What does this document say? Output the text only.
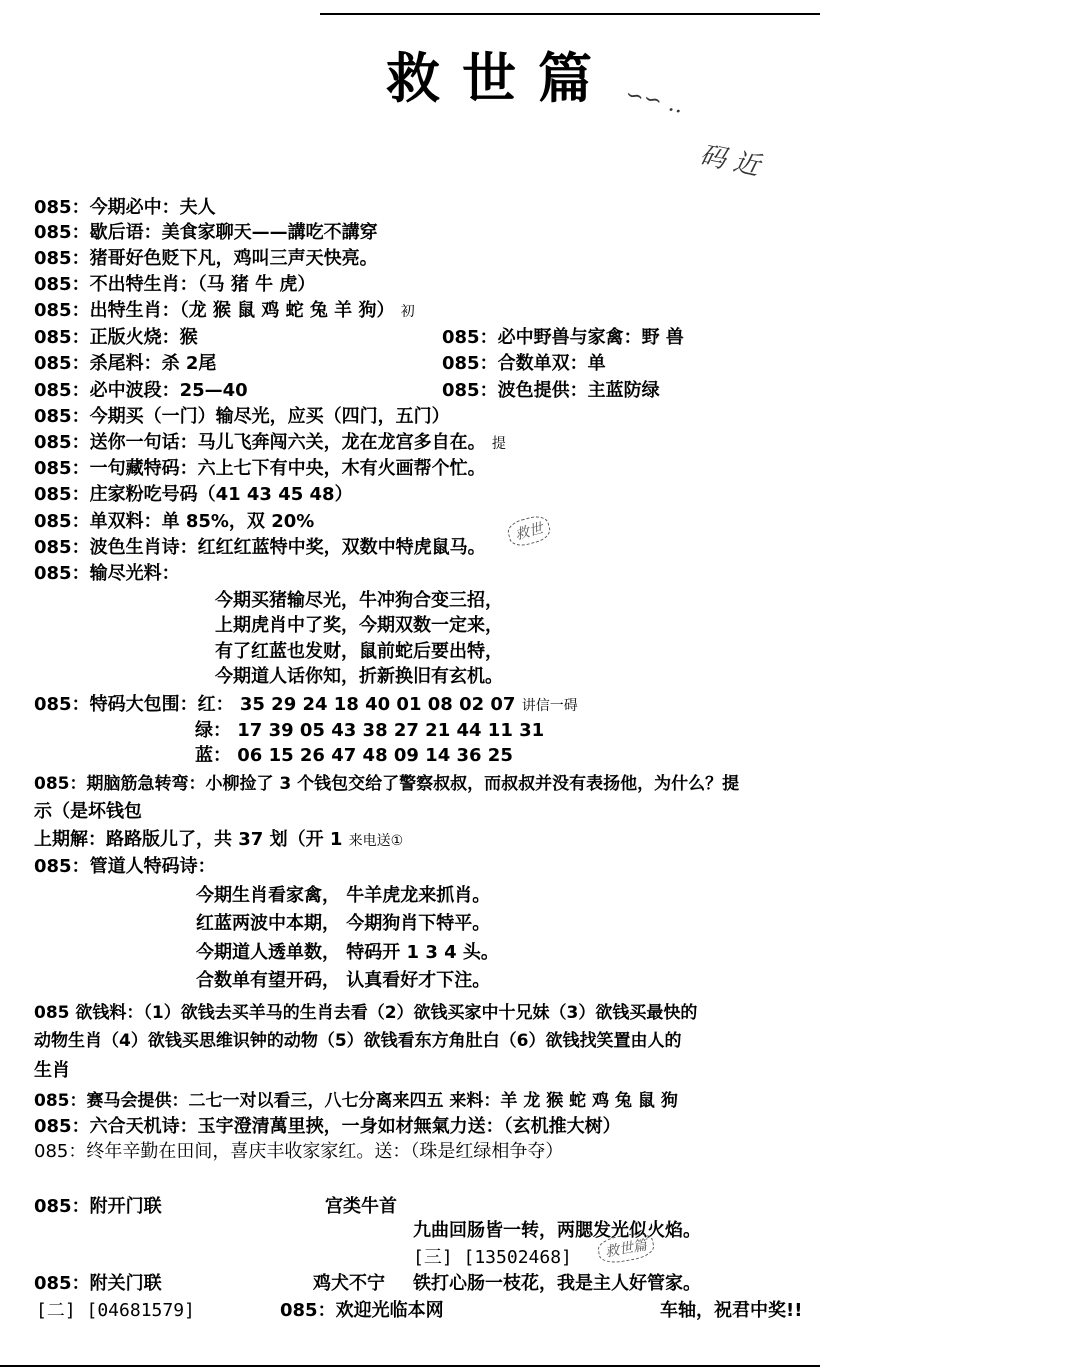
救世篇 ∽∽ ‥
码 近
085：今期必中：夫人
085：歇后语：美食家聊天——講吃不講穿
085：猪哥好色贬下凡，鸡叫三声天快亮。
085：不出特生肖：（马 猪 牛 虎）
085：出特生肖：（龙 猴 鼠 鸡 蛇 兔 羊 狗） 初
085：正版火烧：猴	085：必中野兽与家禽：野 兽
085：杀尾料：杀 2尾	085：合数单双：单
085：必中波段：25—40	085：波色提供：主蓝防绿
085：今期买（一门）输尽光，应买（四门，五门）
085：送你一句话：马儿飞奔闯六关，龙在龙宫多自在。 提
085：一句藏特码：六上七下有中央，木有火画帮个忙。
085：庄家粉吃号码（41 43 45 48）
085：单双料：单 85%，双 20%
085：波色生肖诗：红红红蓝特中奖，双数中特虎鼠马。
救世
085：输尽光料：
今期买猪输尽光，牛冲狗合变三招，
上期虎肖中了奖，今期双数一定来，
有了红蓝也发财，鼠前蛇后要出特，
今期道人话你知，折新换旧有玄机。
085：特码大包围：红： 35 29 24 18 40 01 08 02 07 讲信一碍
绿： 17 39 05 43 38 27 21 44 11 31
蓝： 06 15 26 47 48 09 14 36 25
085：期脑筋急转弯：小柳捡了 3 个钱包交给了警察叔叔，而叔叔并没有表扬他，为什么？提
示（是坏钱包
上期解：路路版儿了，共 37 划（开 1 来电送①
085：管道人特码诗：
今期生肖看家禽， 牛羊虎龙来抓肖。
红蓝两波中本期， 今期狗肖下特平。
今期道人透单数， 特码开 1 3 4 头。
合数单有望开码， 认真看好才下注。
085 欲钱料：（1）欲钱去买羊马的生肖去看（2）欲钱买家中十兄妹（3）欲钱买最快的
动物生肖（4）欲钱买思维识钟的动物（5）欲钱看东方角肚白（6）欲钱找笑置由人的
生肖
085：赛马会提供：二七一对以看三，八七分离来四五 来料：羊 龙 猴 蛇 鸡 兔 鼠 狗
085：六合天机诗：玉宇澄清萬里挾，一身如材無氣力送：（玄机推大树）
085：终年辛勤在田间，喜庆丰收家家红。送：（珠是红绿相争夺）
085：附开门联	宫类牛首
九曲回肠皆一转，两腮发光似火焰。
[三] [13502468]
085：附关门联	鸡犬不宁 铁打心肠一枝花，我是主人好管家。
救世篇
[二] [04681579]	085：欢迎光临本网	车轴，祝君中奖!!
